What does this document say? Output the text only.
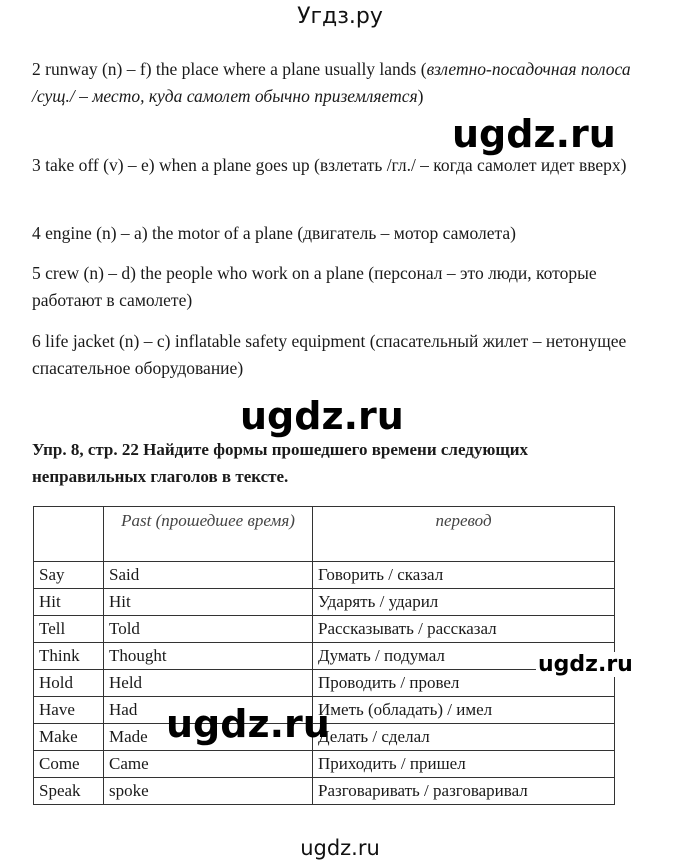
Угдз.ру
2 runway (n) – f) the place where a plane usually lands (взлетно-посадочная полоса /сущ./ – место, куда самолет обычно приземляется)
3 take off (v) – e) when a plane goes up (взлетать /гл./ – когда самолет идет вверх)
4 engine (n) – a) the motor of a plane (двигатель – мотор самолета)
5 crew (n) – d) the people who work on a plane (персонал – это люди, которые работают в самолете)
6 life jacket (n) – c) inflatable safety equipment (спасательный жилет – нетонущее спасательное оборудование)
Упр. 8, стр. 22 Найдите формы прошедшего времени следующих неправильных глаголов в тексте.
	Past (прошедшее время)	перевод
Say	Said	Говорить / сказал
Hit	Hit	Ударять / ударил
Tell	Told	Рассказывать / рассказал
Think	Thought	Думать / подумал
Hold	Held	Проводить / провел
Have	Had	Иметь (обладать) / имел
Make	Made	Делать / сделал
Come	Came	Приходить / пришел
Speak	spoke	Разговаривать / разговаривал
ugdz.ru
ugdz.ru
ugdz.ru
ugdz.ru
ugdz.ru
